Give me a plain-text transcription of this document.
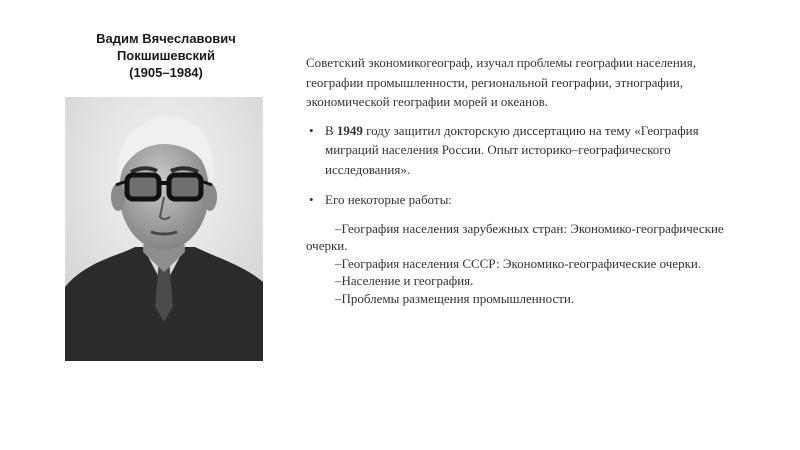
Вадим Вячеславович
Покшишевский
(1905–1984)

Советский экономикогеограф, изучал проблемы географии населения, географии промышленности, региональной географии, этнографии, экономической географии морей и океанов.

• В 1949 году защитил докторскую диссертацию на тему «География миграций населения России. Опыт историко–географического исследования».
• Его некоторые работы:
–География населения зарубежных стран: Экономико-географические очерки.
–География населения СССР: Экономико-географические очерки.
–Население и география.
–Проблемы размещения промышленности.
